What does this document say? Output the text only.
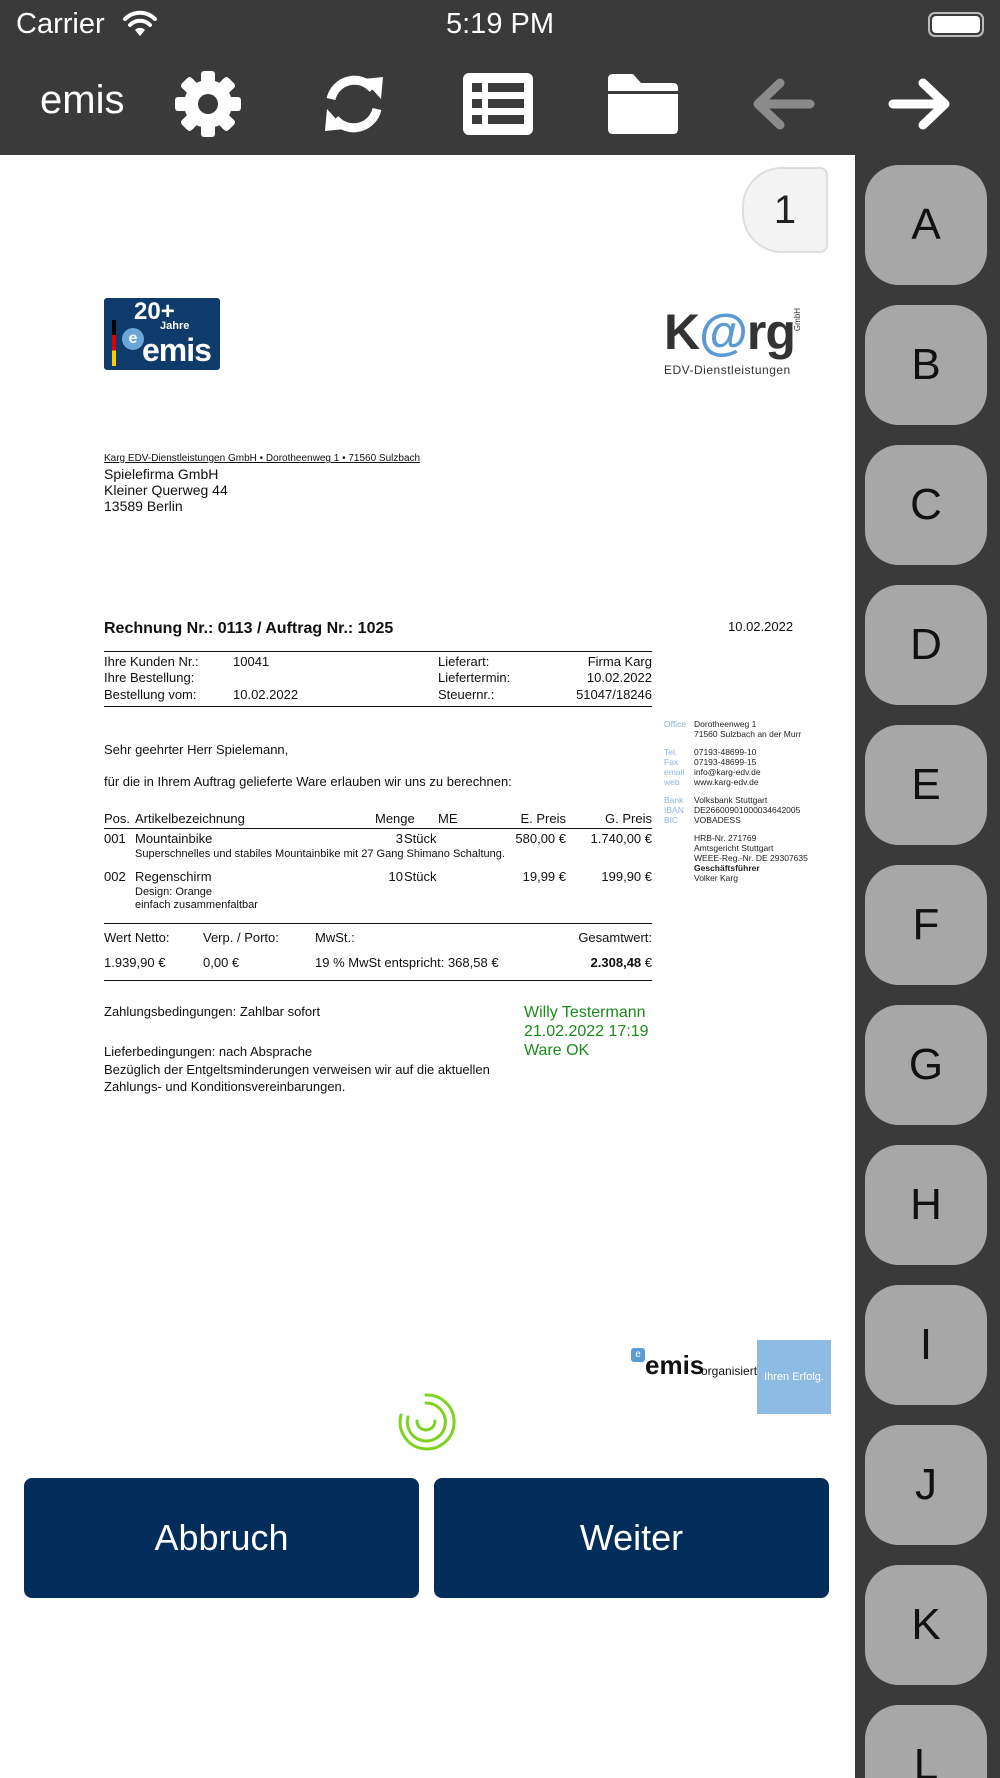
Carrier	5:19 PM
emis
20+
Jahre
e emis	K@rg
EDV-Dienstleistungen
GmbH
Karg EDV-Dienstleistungen GmbH • Dorotheenweg 1 • 71560 Sulzbach
Spielefirma GmbH
Kleiner Querweg 44
13589 Berlin
Rechnung Nr.: 0113 / Auftrag Nr.: 1025	10.02.2022
Ihre Kunden Nr.:	10041
Ihre Bestellung:
Bestellung vom:	10.02.2022
Lieferart:	Firma Karg
Liefertermin:	10.02.2022
Steuernr.:	51047/18246
Sehr geehrter Herr Spielemann,
für die in Ihrem Auftrag gelieferte Ware erlauben wir uns zu berechnen:
Pos. Artikelbezeichnung	Menge ME	E. Preis	G. Preis
001 Mountainbike	3 Stück	580,00 €	1.740,00 €
Superschnelles und stabiles Mountainbike mit 27 Gang Shimano Schaltung.
002 Regenschirm	10 Stück	19,99 €	199,90 €
Design: Orange
einfach zusammenfaltbar
Wert Netto:	Verp. / Porto:	MwSt.:	Gesamtwert:
1.939,90 €	0,00 €	19 % MwSt entspricht: 368,58 €	2.308,48 €
Zahlungsbedingungen: Zahlbar sofort
Lieferbedingungen: nach Absprache
Bezüglich der Entgeltsminderungen verweisen wir auf die aktuellen
Zahlungs- und Konditionsvereinbarungen.
Willy Testermann
21.02.2022 17:19
Ware OK
Office Dorotheenweg 1
71560 Sulzbach an der Murr
Tel. 07193-48699-10
Fax 07193-48699-15
email info@karg-edv.de
web www.karg-edv.de
Bank Volksbank Stuttgart
IBAN DE26600901000034642005
BIC VOBADESS
HRB-Nr. 271769
Amtsgericht Stuttgart
WEEE-Reg.-Nr. DE 29307635
Geschäftsführer
Volker Karg
e emis
organisiert Ihren Erfolg.
1
Abbruch	Weiter
A
B
C
D
E
F
G
H
I
J
K
L
